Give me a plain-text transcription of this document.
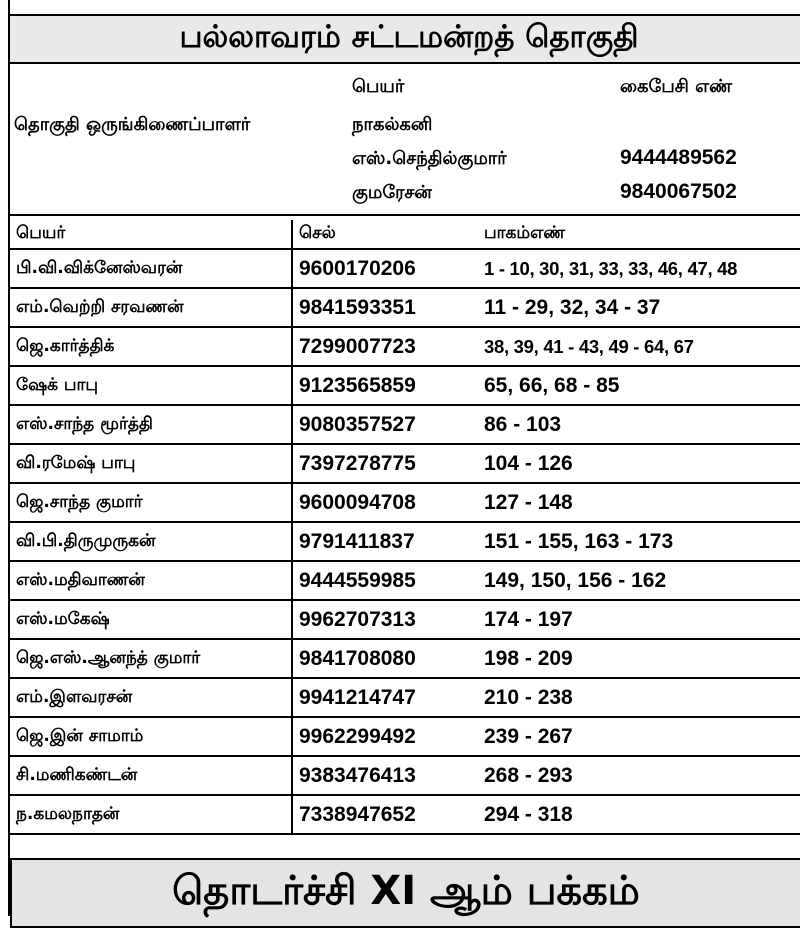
பல்லாவரம் சட்டமன்றத் தொகுதி
பெயர்	கைபேசி எண்
தொகுதி ஒருங்கிணைப்பாளர்	நாகல்கனி
எஸ்.செந்தில்குமார்	9444489562
குமரேசன்	9840067502
பெயர்	செல்	பாகம்எண்
பி.வி.விக்னேஸ்வரன்	9600170206	1 - 10, 30, 31, 33, 33, 46, 47, 48
எம்.வெற்றி சரவணன்	9841593351	11 - 29, 32, 34 - 37
ஜெ.கார்த்திக்	7299007723	38, 39, 41 - 43, 49 - 64, 67
ஷேக் பாபு	9123565859	65, 66, 68 - 85
எஸ்.சாந்த மூர்த்தி	9080357527	86 - 103
வி.ரமேஷ் பாபு	7397278775	104 - 126
ஜெ.சாந்த குமார்	9600094708	127 - 148
வி.பி.திருமுருகன்	9791411837	151 - 155, 163 - 173
எஸ்.மதிவாணன்	9444559985	149, 150, 156 - 162
எஸ்.மகேஷ்	9962707313	174 - 197
ஜெ.எஸ்.ஆனந்த் குமார்	9841708080	198 - 209
எம்.இளவரசன்	9941214747	210 - 238
ஜெ.இன் சாமாம்	9962299492	239 - 267
சி.மணிகண்டன்	9383476413	268 - 293
ந.கமலநாதன்	7338947652	294 - 318
தொடர்ச்சி XI ஆம் பக்கம்
